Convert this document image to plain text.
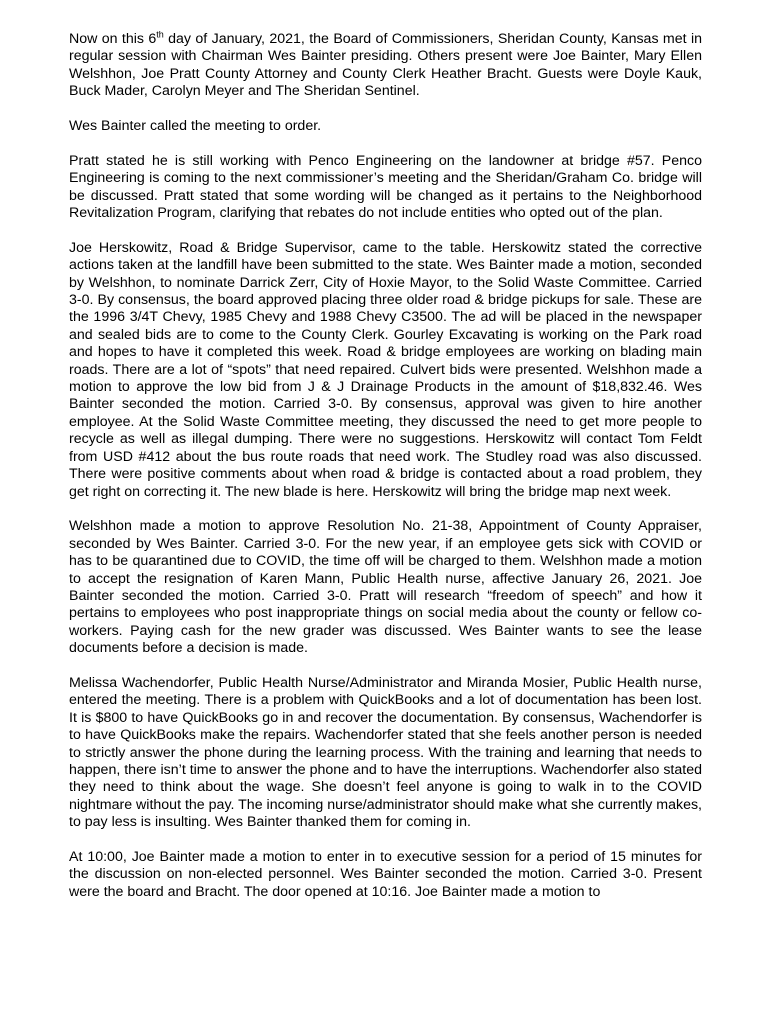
Now on this 6th day of January, 2021, the Board of Commissioners, Sheridan County, Kansas met in regular session with Chairman Wes Bainter presiding. Others present were Joe Bainter, Mary Ellen Welshhon, Joe Pratt County Attorney and County Clerk Heather Bracht. Guests were Doyle Kauk, Buck Mader, Carolyn Meyer and The Sheridan Sentinel.

Wes Bainter called the meeting to order.

Pratt stated he is still working with Penco Engineering on the landowner at bridge #57. Penco Engineering is coming to the next commissioner’s meeting and the Sheridan/Graham Co. bridge will be discussed. Pratt stated that some wording will be changed as it pertains to the Neighborhood Revitalization Program, clarifying that rebates do not include entities who opted out of the plan.

Joe Herskowitz, Road & Bridge Supervisor, came to the table. Herskowitz stated the corrective actions taken at the landfill have been submitted to the state. Wes Bainter made a motion, seconded by Welshhon, to nominate Darrick Zerr, City of Hoxie Mayor, to the Solid Waste Committee. Carried 3-0. By consensus, the board approved placing three older road & bridge pickups for sale. These are the 1996 3/4T Chevy, 1985 Chevy and 1988 Chevy C3500. The ad will be placed in the newspaper and sealed bids are to come to the County Clerk. Gourley Excavating is working on the Park road and hopes to have it completed this week. Road & bridge employees are working on blading main roads. There are a lot of “spots” that need repaired. Culvert bids were presented. Welshhon made a motion to approve the low bid from J & J Drainage Products in the amount of $18,832.46. Wes Bainter seconded the motion. Carried 3-0. By consensus, approval was given to hire another employee. At the Solid Waste Committee meeting, they discussed the need to get more people to recycle as well as illegal dumping. There were no suggestions. Herskowitz will contact Tom Feldt from USD #412 about the bus route roads that need work. The Studley road was also discussed. There were positive comments about when road & bridge is contacted about a road problem, they get right on correcting it. The new blade is here. Herskowitz will bring the bridge map next week.

Welshhon made a motion to approve Resolution No. 21-38, Appointment of County Appraiser, seconded by Wes Bainter. Carried 3-0. For the new year, if an employee gets sick with COVID or has to be quarantined due to COVID, the time off will be charged to them. Welshhon made a motion to accept the resignation of Karen Mann, Public Health nurse, affective January 26, 2021. Joe Bainter seconded the motion. Carried 3-0. Pratt will research “freedom of speech” and how it pertains to employees who post inappropriate things on social media about the county or fellow co-workers. Paying cash for the new grader was discussed. Wes Bainter wants to see the lease documents before a decision is made.

Melissa Wachendorfer, Public Health Nurse/Administrator and Miranda Mosier, Public Health nurse, entered the meeting. There is a problem with QuickBooks and a lot of documentation has been lost. It is $800 to have QuickBooks go in and recover the documentation. By consensus, Wachendorfer is to have QuickBooks make the repairs. Wachendorfer stated that she feels another person is needed to strictly answer the phone during the learning process. With the training and learning that needs to happen, there isn’t time to answer the phone and to have the interruptions. Wachendorfer also stated they need to think about the wage. She doesn’t feel anyone is going to walk in to the COVID nightmare without the pay. The incoming nurse/administrator should make what she currently makes, to pay less is insulting. Wes Bainter thanked them for coming in.

At 10:00, Joe Bainter made a motion to enter in to executive session for a period of 15 minutes for the discussion on non-elected personnel. Wes Bainter seconded the motion. Carried 3-0. Present were the board and Bracht. The door opened at 10:16. Joe Bainter made a motion to
